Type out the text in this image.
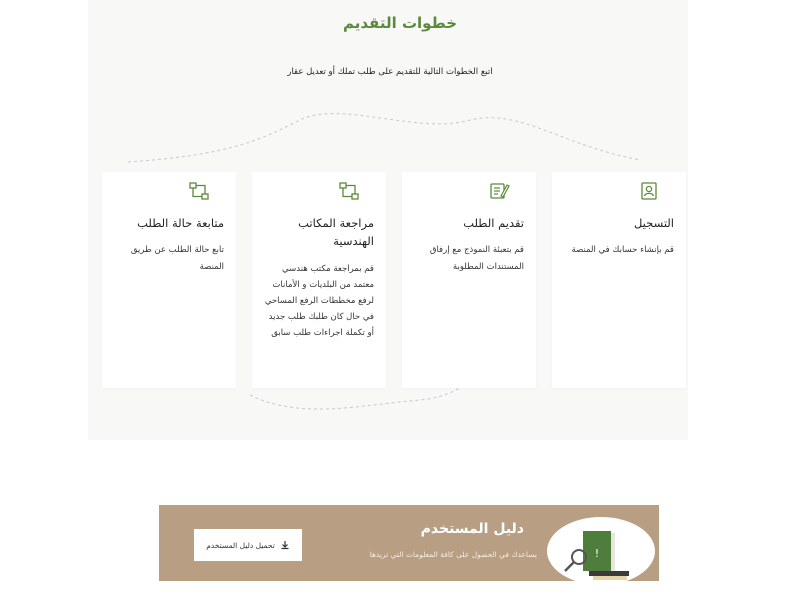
خطوات التقديم

اتبع الخطوات التالية للتقديم على طلب تملك أو تعديل عقار

التسجيل

قم بإنشاء حسابك في المنصة

تقديم الطلب

قم بتعبئة النموذج مع إرفاق المستندات المطلوبة

مراجعة المكاتب الهندسية

قم بمراجعة مكتب هندسي معتمد من البلديات و الأمانات لرفع مخططات الرفع المساحي في حال كان طلبك طلب جديد أو تكملة اجراءات طلب سابق

متابعة حالة الطلب

تابع حالة الطلب عن طريق المنصة

!
دليل المستخدم

يساعدك في الحصول على كافة المعلومات التي تريدها

تحميل دليل المستخدم
